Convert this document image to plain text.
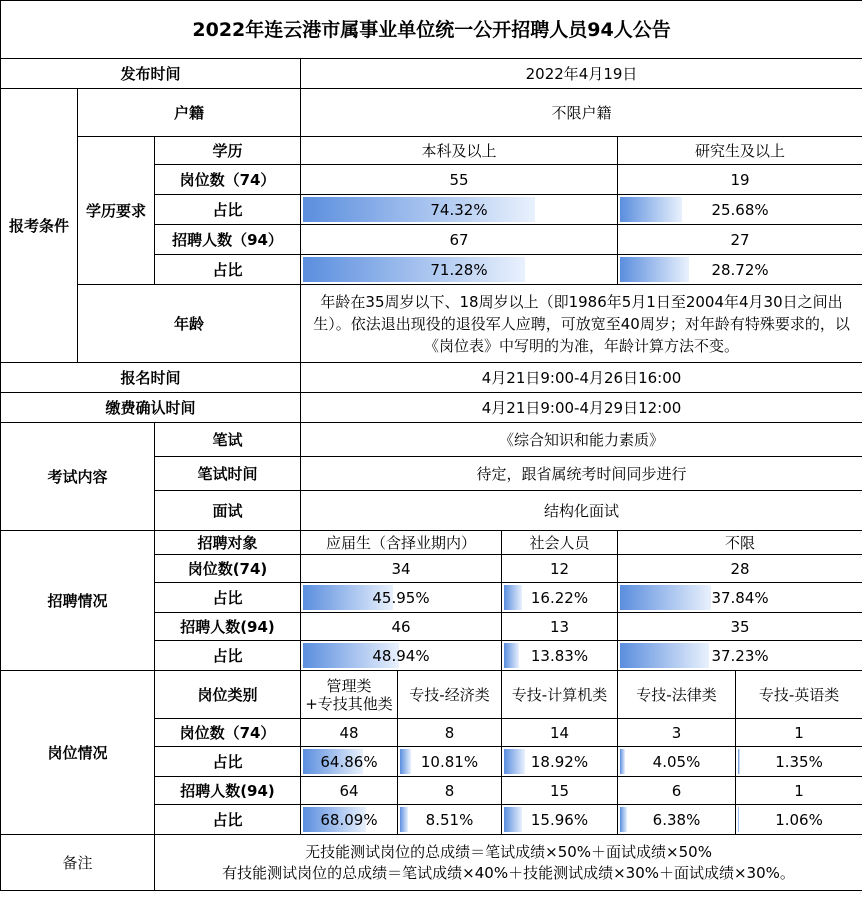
2022年连云港市属事业单位统一公开招聘人员94人公告							
发布时间			2022年4月19日				
报考条件	户籍		不限户籍				
	学历要求	学历	本科及以上			研究生及以上	
		岗位数（74）	55			19	
		占比	74.32%			25.68%	
		招聘人数（94）	67			27	
		占比	71.28%			28.72%	
	年龄		年龄在35周岁以下、18周岁以上（即1986年5月1日至2004年4月30日之间出生）。依法退出现役的退役军人应聘，可放宽至40周岁；对年龄有特殊要求的，以《岗位表》中写明的为准，年龄计算方法不变。				
报名时间			4月21日9:00-4月26日16:00				
缴费确认时间			4月21日9:00-4月29日12:00				
考试内容		笔试	《综合知识和能力素质》				
		笔试时间	待定，跟省属统考时间同步进行				
		面试	结构化面试				
招聘情况		招聘对象	应届生（含择业期内）		社会人员	不限	
		岗位数(74)	34		12	28	
		占比	45.95%		16.22%	37.84%	
		招聘人数(94)	46		13	35	
		占比	48.94%		13.83%	37.23%	
岗位情况		岗位类别	管理类
+专技其他类	专技-经济类	专技-计算机类	专技-法律类	专技-英语类
		岗位数（74）	48	8	14	3	1
		占比	64.86%	10.81%	18.92%	4.05%	1.35%
		招聘人数(94)	64	8	15	6	1
		占比	68.09%	8.51%	15.96%	6.38%	1.06%
备注		无技能测试岗位的总成绩＝笔试成绩×50%＋面试成绩×50%
有技能测试岗位的总成绩＝笔试成绩×40%＋技能测试成绩×30%＋面试成绩×30%。					
